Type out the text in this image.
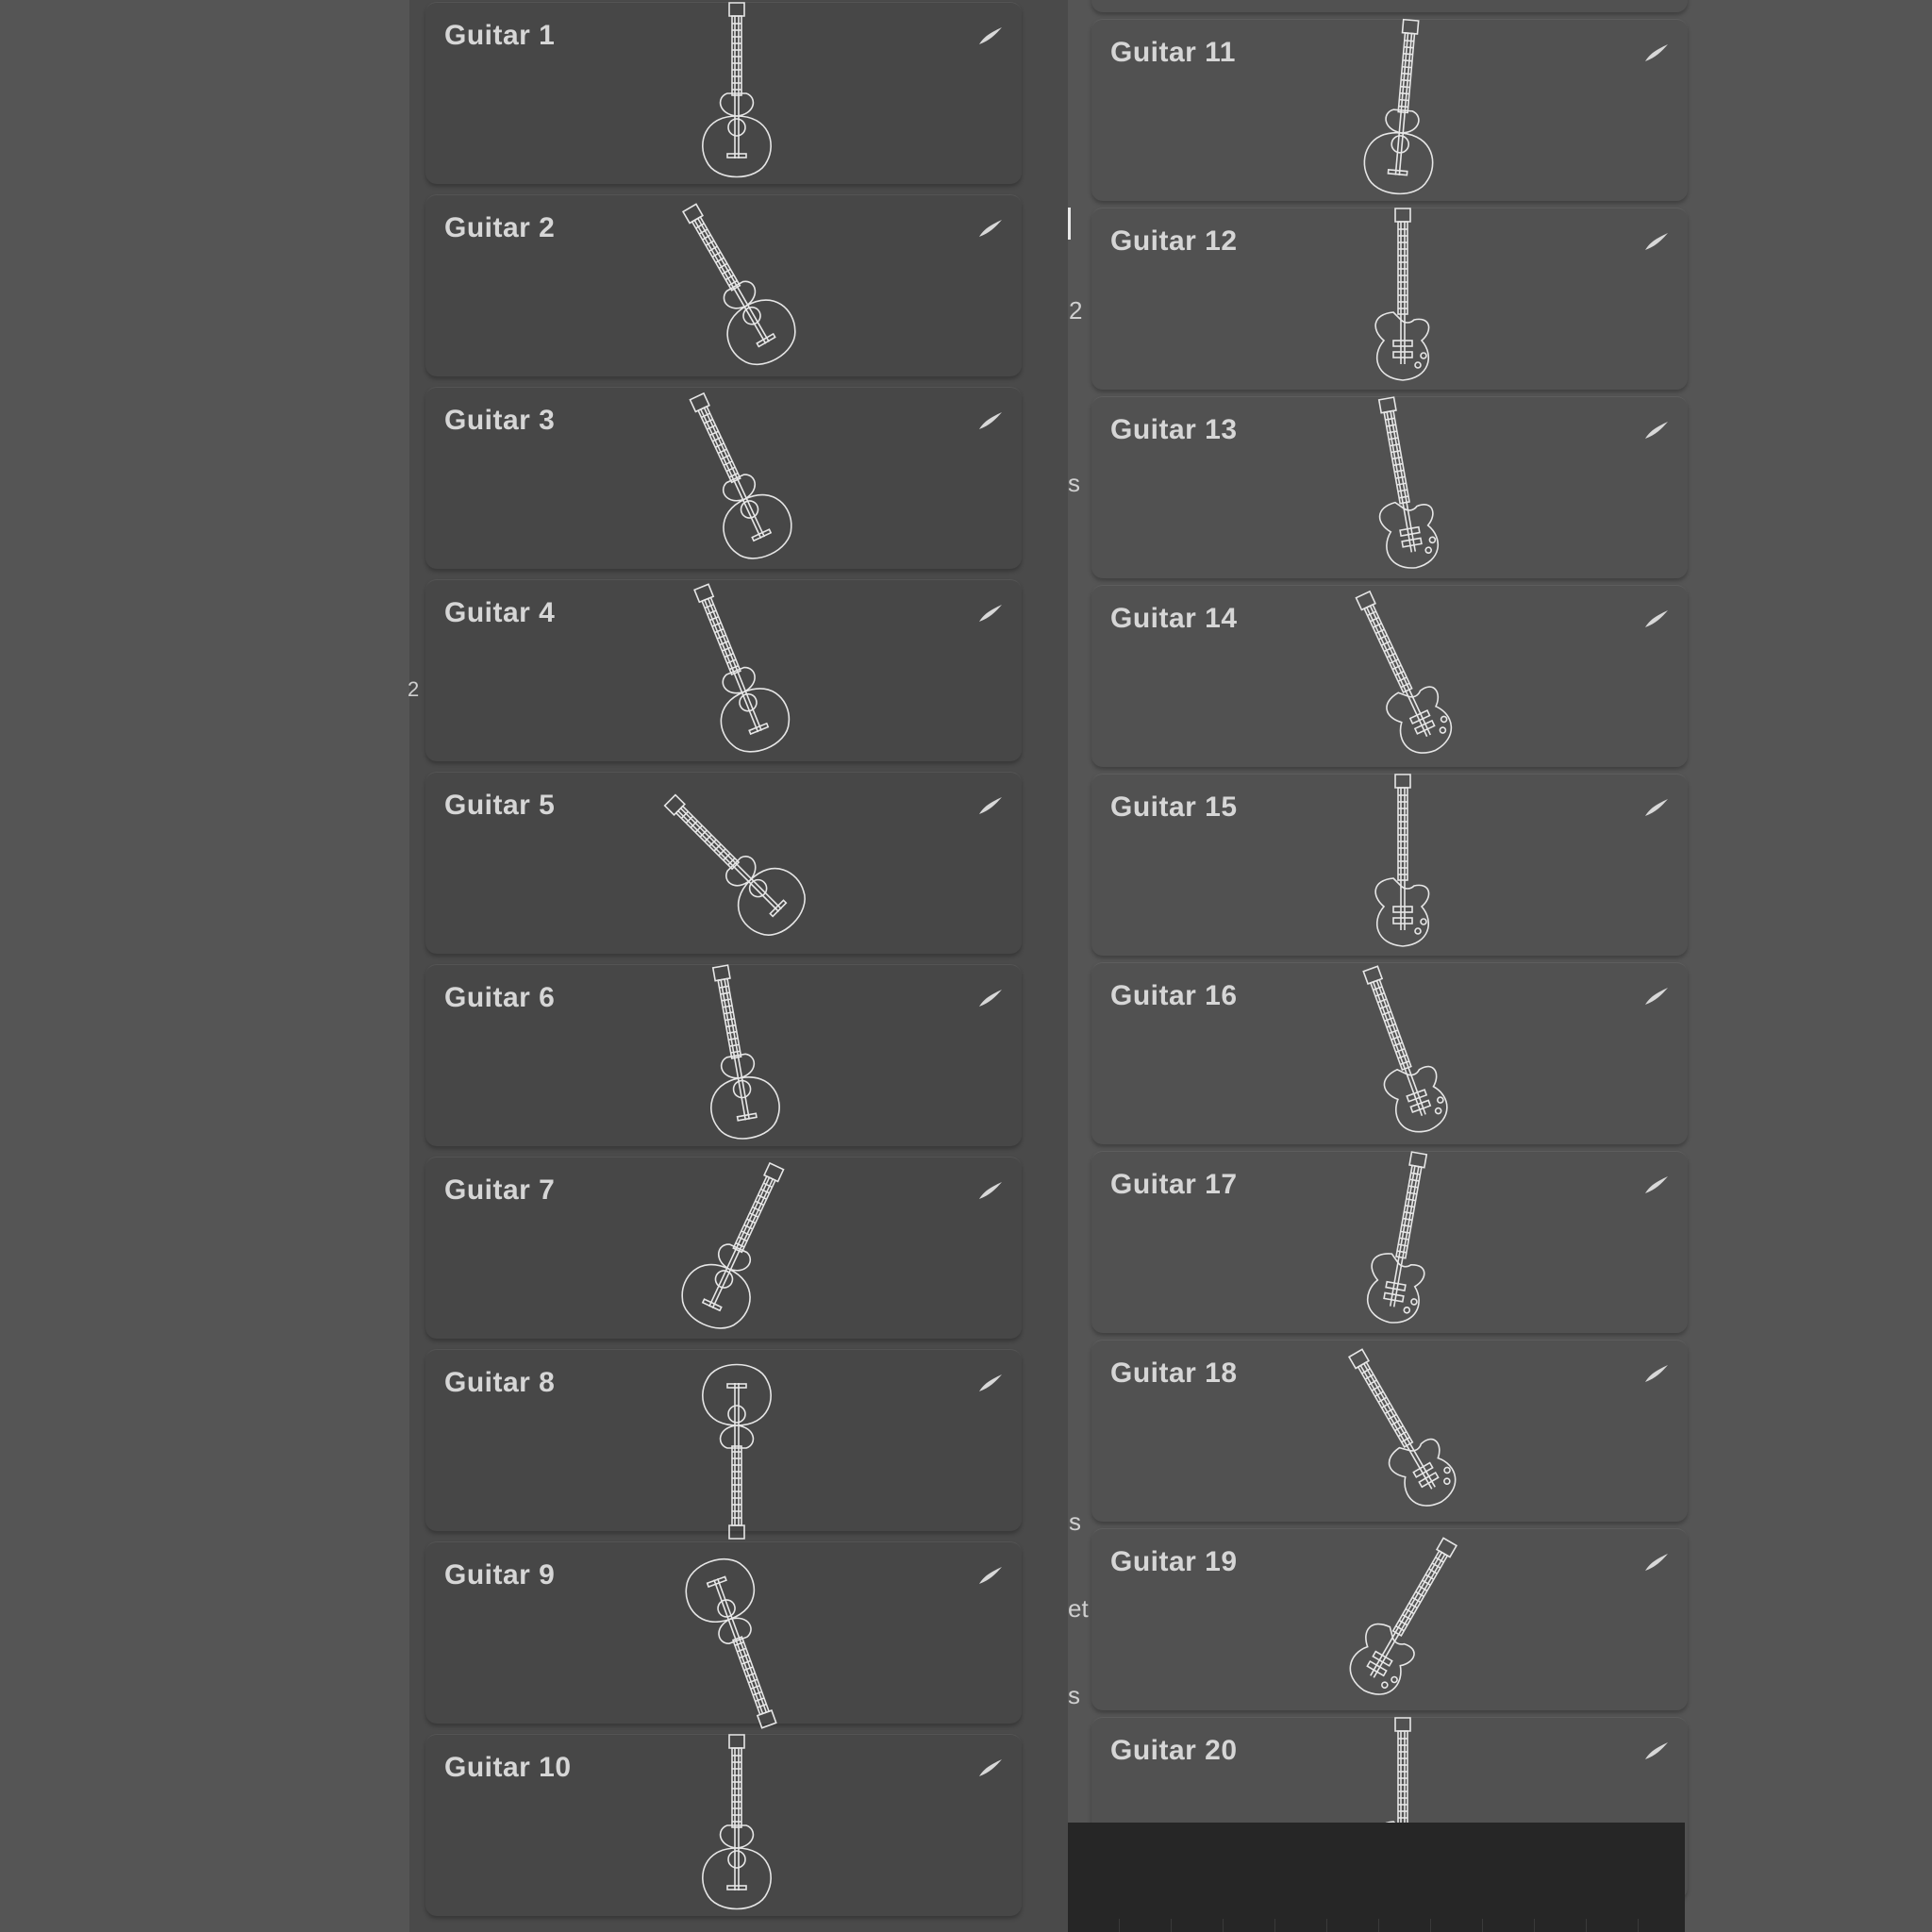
2
Guitar 1
Guitar 2
Guitar 3
Guitar 4
Guitar 5
Guitar 6
Guitar 7
Guitar 8
Guitar 9
Guitar 10
2
s
s
et
s
Guitar 11
Guitar 12
Guitar 13
Guitar 14
Guitar 15
Guitar 16
Guitar 17
Guitar 18
Guitar 19
Guitar 20
